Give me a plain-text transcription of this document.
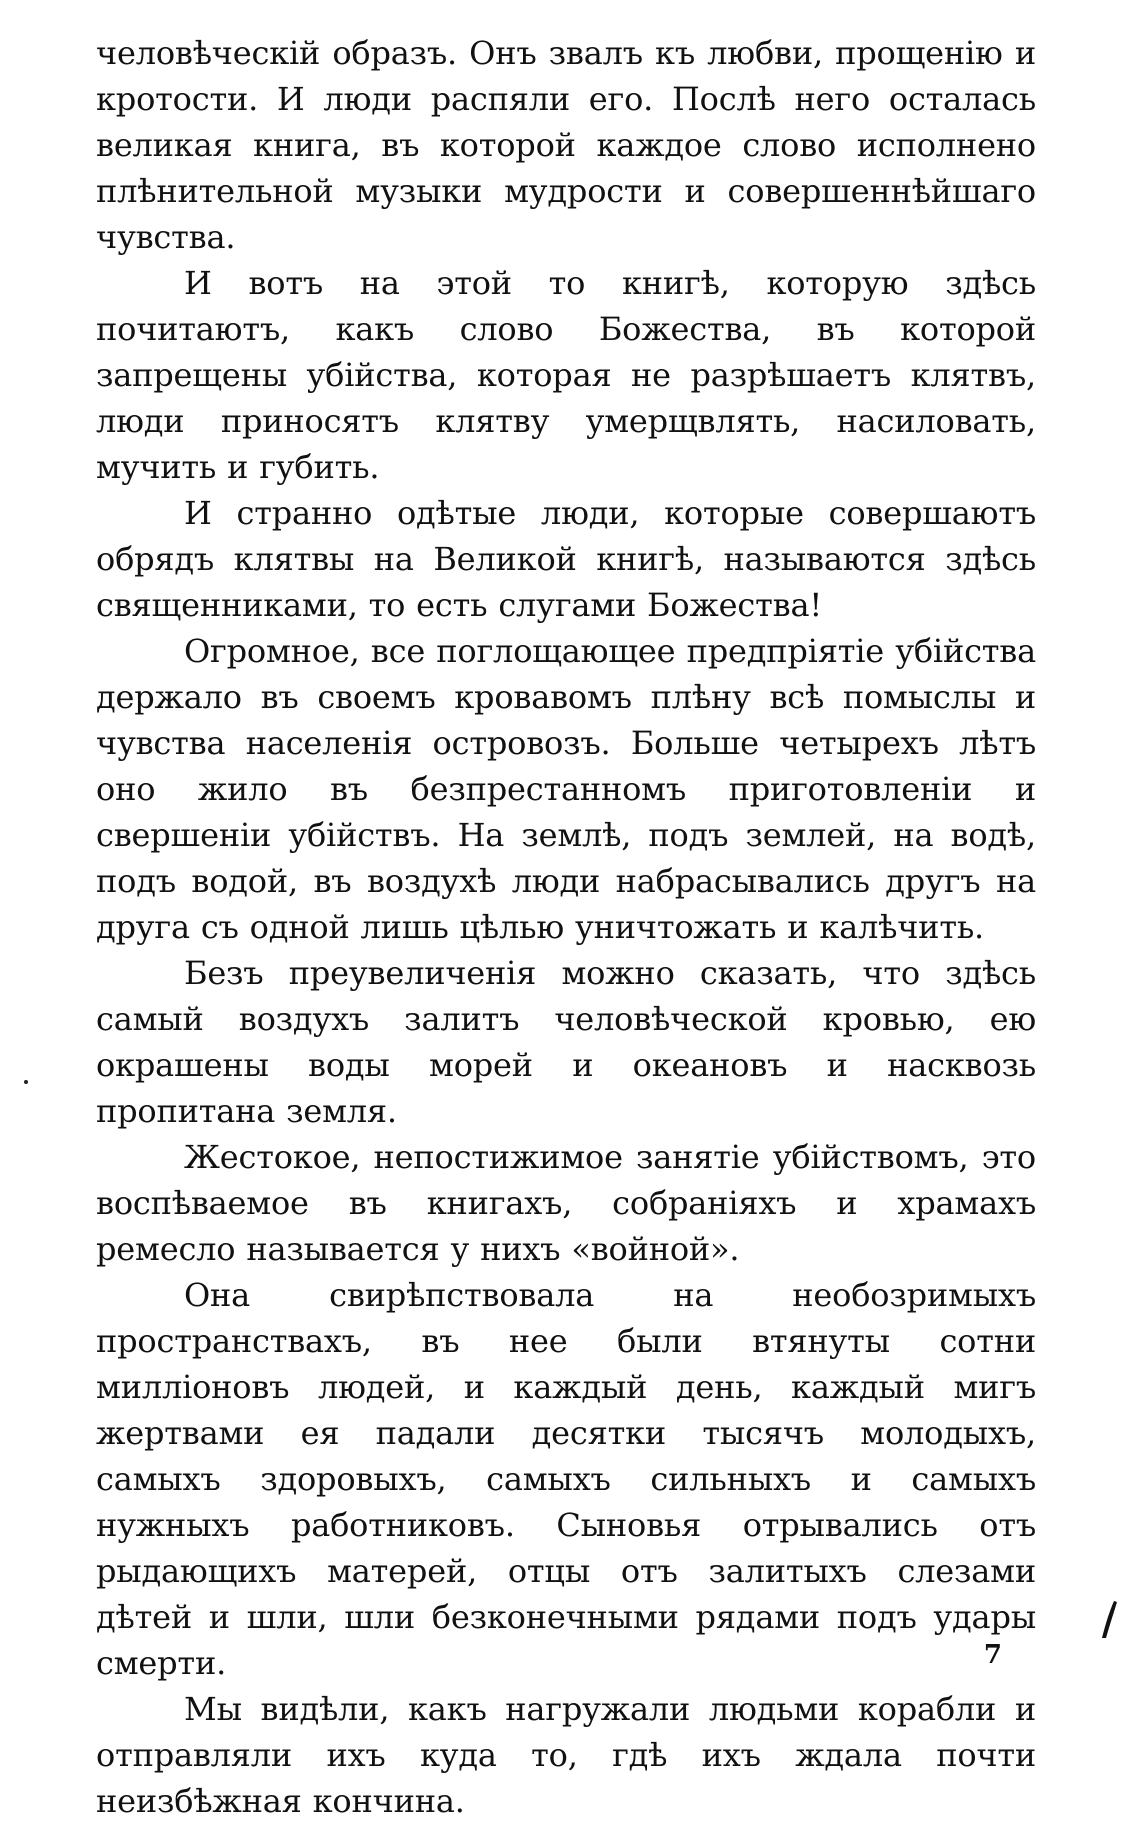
человѣческій образъ. Онъ звалъ къ любви, прощенію и кротости. И люди распяли его. Послѣ него осталась великая книга, въ которой каждое слово исполнено плѣнительной музыки мудрости и совершеннѣйшаго чувства.

И вотъ на этой то книгѣ, которую здѣсь почитаютъ, какъ слово Божества, въ которой запрещены убійства, которая не разрѣшаетъ клятвъ, люди приносятъ клятву умерщвлять, насиловать, мучить и губить.

И странно одѣтые люди, которые совершаютъ обрядъ клятвы на Великой книгѣ, называются здѣсь священниками, то есть слугами Божества!

Огромное, все поглощающее предпріятіе убійства держало въ своемъ кровавомъ плѣну всѣ помыслы и чувства населенія островозъ. Больше четырехъ лѣтъ оно жило въ безпрестанномъ приготовленіи и свершеніи убійствъ. На землѣ, подъ землей, на водѣ, подъ водой, въ воздухѣ люди набрасывались другъ на друга съ одной лишь цѣлью уничтожать и калѣчить.

Безъ преувеличенія можно сказать, что здѣсь самый воздухъ залитъ человѣческой кровью, ею окрашены воды морей и океановъ и насквозь пропитана земля.

Жестокое, непостижимое занятіе убійствомъ, это воспѣваемое въ книгахъ, собраніяхъ и храмахъ ремесло называется у нихъ «войной».

Она свирѣпствовала на необозримыхъ пространствахъ, въ нее были втянуты сотни милліоновъ людей, и каждый день, каждый мигъ жертвами ея падали десятки тысячъ молодыхъ, самыхъ здоровыхъ, самыхъ сильныхъ и самыхъ нужныхъ работниковъ. Сыновья отрывались отъ рыдающихъ матерей, отцы отъ залитыхъ слезами дѣтей и шли, шли безконечными рядами подъ удары смерти.

Мы видѣли, какъ нагружали людьми корабли и отправляли ихъ куда то, гдѣ ихъ ждала почти неизбѣжная кончина.

7
